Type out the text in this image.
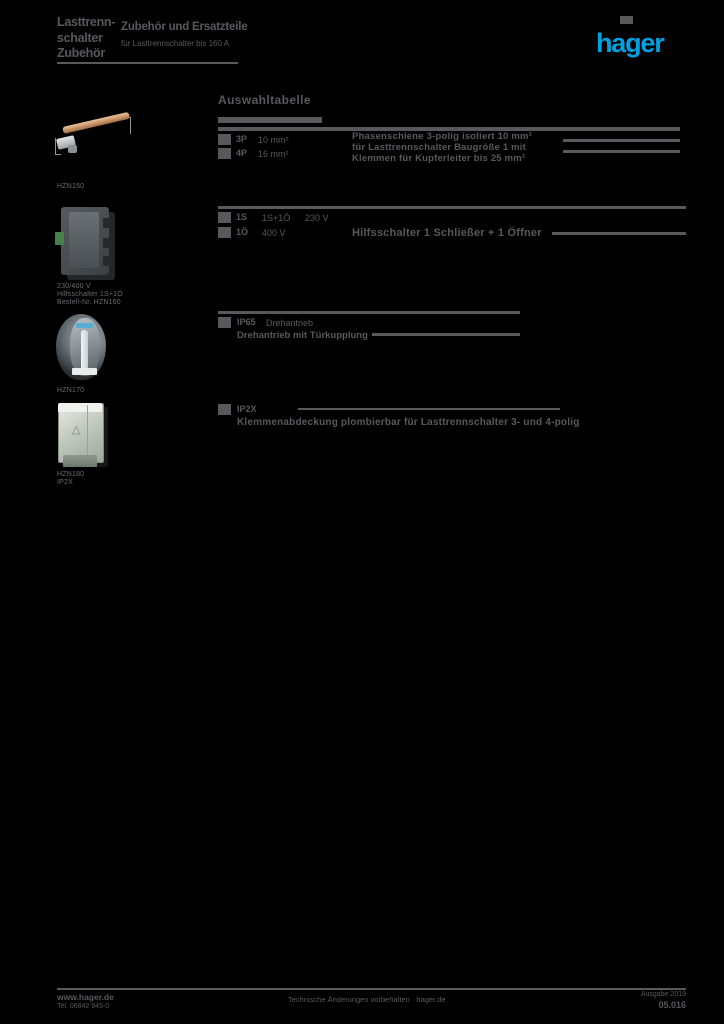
Lasttrenn-
schalter
Zubehör
Zubehör und Ersatzteile
für Lasttrennschalter bis 160 A	hager
Auswahltabelle
3P 10 mm²
4P 16 mm²
Phasenschiene 3-polig isoliert 10 mm²
für Lasttrennschalter Baugröße 1 mit
Klemmen für Kupferleiter bis 25 mm²
1S 1S+1Ö 230 V
1Ö 400 V	Hilfsschalter 1 Schließer + 1 Öffner
IP65 Drehantrieb
Drehantrieb mit Türkupplung
IP2X
Klemmenabdeckung plombierbar für Lasttrennschalter 3- und 4-polig
HZN150
230/400 V
Hilfsschalter 1S+1Ö
Bestell-Nr. HZN160
HZN170
△
HZN180
IP2X
www.hager.de
Tel. 06842 945-0
Technische Änderungen vorbehalten · hager.de
Ausgabe 2019
05.016
